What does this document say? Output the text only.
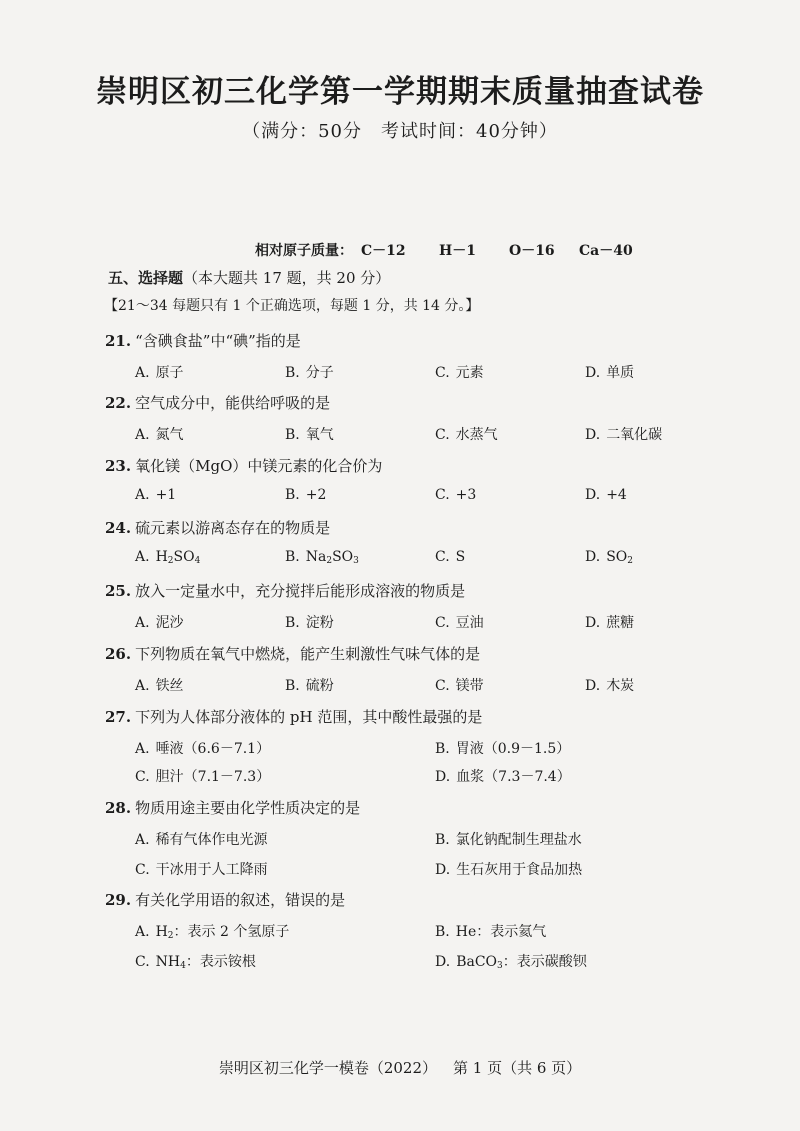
崇明区初三化学第一学期期末质量抽查试卷
（满分：50分　考试时间：40分钟）
相对原子质量： C－12 H－1 O－16 Ca－40
五、选择题（本大题共 17 题，共 20 分）
【21～34 每题只有 1 个正确选项，每题 1 分，共 14 分。】
21. “含碘食盐”中“碘”指的是
A. 原子	B. 分子	C. 元素	D. 单质
22. 空气成分中，能供给呼吸的是
A. 氮气	B. 氧气	C. 水蒸气	D. 二氧化碳
23. 氧化镁（MgO）中镁元素的化合价为
A. +1	B. +2	C. +3	D. +4
24. 硫元素以游离态存在的物质是
A. $H_2SO_4$	B. $Na_2SO_3$	C. S	D. $SO_2$
25. 放入一定量水中，充分搅拌后能形成溶液的物质是
A. 泥沙	B. 淀粉	C. 豆油	D. 蔗糖
26. 下列物质在氧气中燃烧，能产生刺激性气味气体的是
A. 铁丝	B. 硫粉	C. 镁带	D. 木炭
27. 下列为人体部分液体的 pH 范围，其中酸性最强的是
A. 唾液（6.6－7.1）	B. 胃液（0.9－1.5）
C. 胆汁（7.1－7.3）	D. 血浆（7.3－7.4）
28. 物质用途主要由化学性质决定的是
A. 稀有气体作电光源	B. 氯化钠配制生理盐水
C. 干冰用于人工降雨	D. 生石灰用于食品加热
29. 有关化学用语的叙述，错误的是
A. $H_2$：表示 2 个氢原子	B. He：表示氦气
C. $NH_4$：表示铵根	D. BaCO$_3$：表示碳酸钡
崇明区初三化学一模卷（2022） 第 1 页（共 6 页）
